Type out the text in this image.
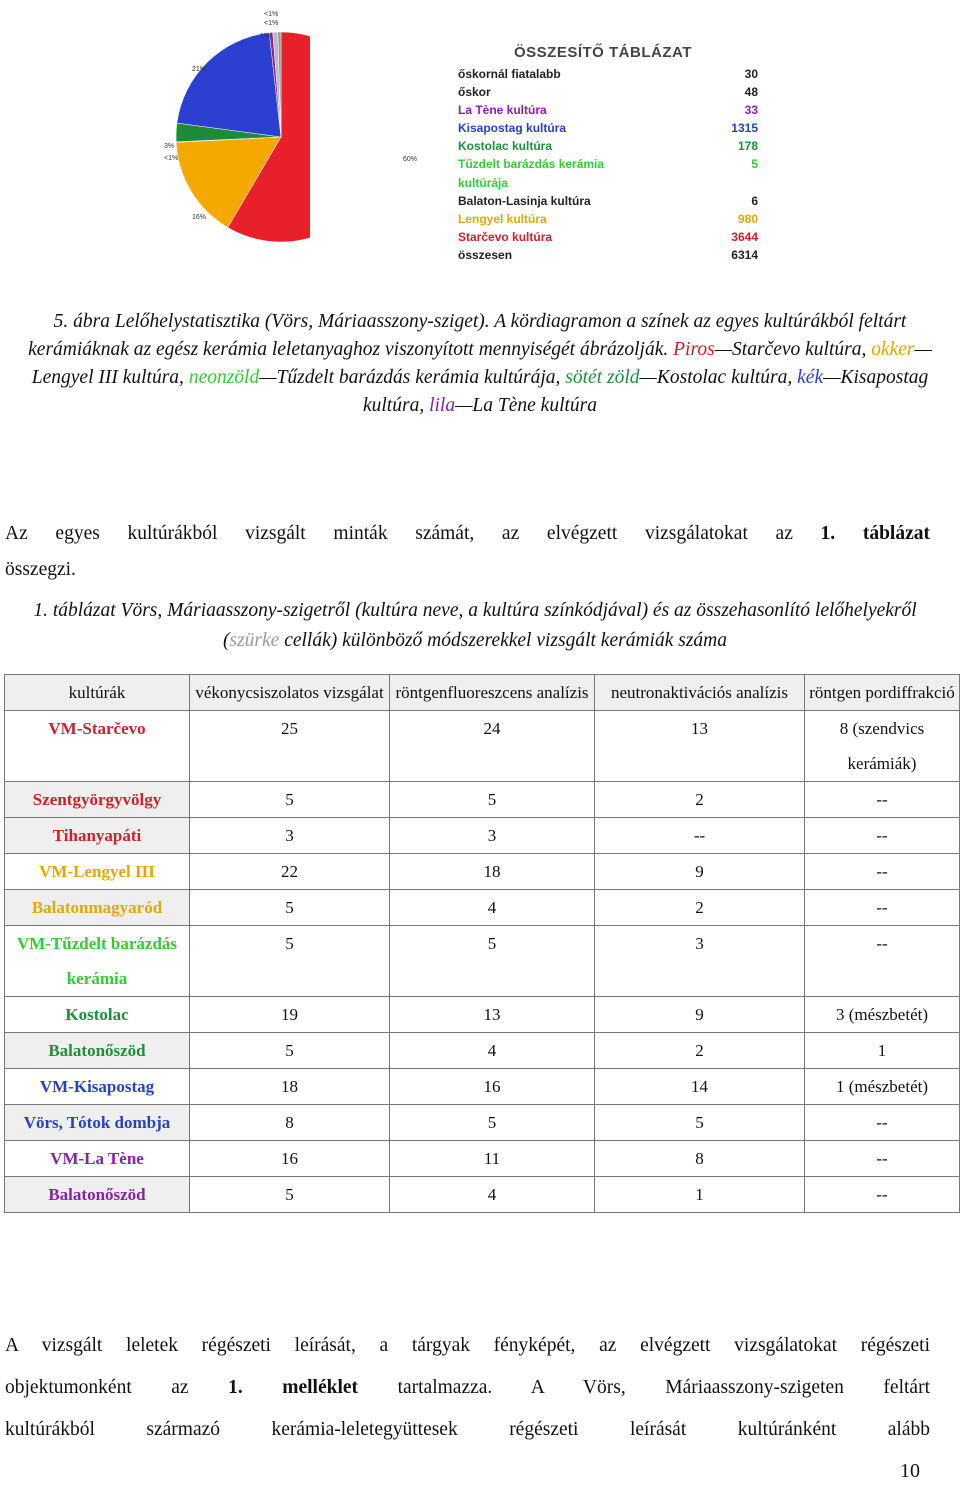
<1%
<1%
1%
21%
3%
<1%
16%
60%
ÖSSZESÍTŐ TÁBLÁZAT
őskornál fiatalabb	30
őskor	48
La Tène kultúra	33
Kisapostag kultúra	1315
Kostolac kultúra	178
Tűzdelt barázdás kerámia	5
kultúrája
Balaton-Lasinja kultúra	6
Lengyel kultúra	980
Starčevo kultúra	3644
összesen	6314
5. ábra Lelőhelystatisztika (Vörs, Máriaasszony-sziget). A kördiagramon a színek az egyes kultúrákból feltárt kerámiáknak az egész kerámia leletanyaghoz viszonyított mennyiségét ábrázolják. Piros—Starčevo kultúra, okker—Lengyel III kultúra, neonzöld—Tűzdelt barázdás kerámia kultúrája, sötét zöld—Kostolac kultúra, kék—Kisapostag kultúra, lila—La Tène kultúra
Az egyes kultúrákból vizsgált minták számát, az elvégzett vizsgálatokat az 1. táblázat
összegzi.
1. táblázat Vörs, Máriaasszony-szigetről (kultúra neve, a kultúra színkódjával) és az összehasonlító lelőhelyekről (szürke cellák) különböző módszerekkel vizsgált kerámiák száma
kultúrák	vékonycsiszolatos vizsgálat	röntgenfluoreszcens analízis	neutronaktivációs analízis	röntgen pordiffrakció
VM-Starčevo	25	24	13	8 (szendvics kerámiák)
Szentgyörgyvölgy	5	5	2	--
Tihanyapáti	3	3	--	--
VM-Lengyel III	22	18	9	--
Balatonmagyaród	5	4	2	--
VM-Tűzdelt barázdás kerámia	5	5	3	--
Kostolac	19	13	9	3 (mészbetét)
Balatonőszöd	5	4	2	1
VM-Kisapostag	18	16	14	1 (mészbetét)
Vörs, Tótok dombja	8	5	5	--
VM-La Tène	16	11	8	--
Balatonőszöd	5	4	1	--
A vizsgált leletek régészeti leírását, a tárgyak fényképét, az elvégzett vizsgálatokat régészeti
objektumonként az 1. melléklet tartalmazza. A Vörs, Máriaasszony-szigeten feltárt
kultúrákból származó kerámia-leletegyüttesek régészeti leírását kultúránként alább
10
